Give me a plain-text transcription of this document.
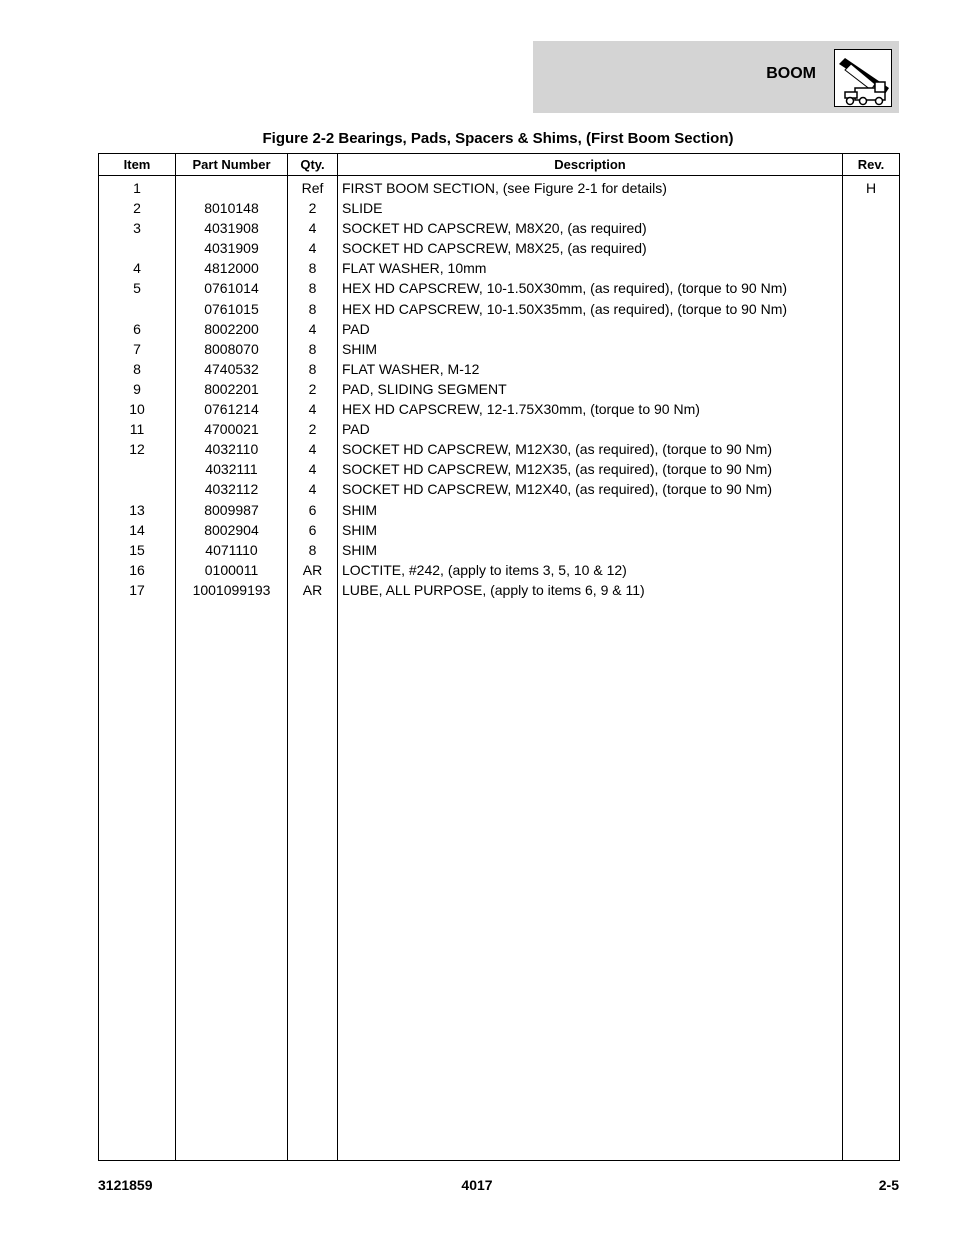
BOOM
Figure 2-2 Bearings, Pads, Spacers & Shims, (First Boom Section)
Item	Part Number	Qty.	Description	Rev.
1		Ref	FIRST BOOM SECTION, (see Figure 2-1 for details)	H
2	8010148	2	SLIDE	
3	4031908	4	SOCKET HD CAPSCREW, M8X20, (as required)	
	4031909	4	SOCKET HD CAPSCREW, M8X25, (as required)	
4	4812000	8	FLAT WASHER, 10mm	
5	0761014	8	HEX HD CAPSCREW, 10-1.50X30mm, (as required), (torque to 90 Nm)	
	0761015	8	HEX HD CAPSCREW, 10-1.50X35mm, (as required), (torque to 90 Nm)	
6	8002200	4	PAD	
7	8008070	8	SHIM	
8	4740532	8	FLAT WASHER, M-12	
9	8002201	2	PAD, SLIDING SEGMENT	
10	0761214	4	HEX HD CAPSCREW, 12-1.75X30mm, (torque to 90 Nm)	
11	4700021	2	PAD	
12	4032110	4	SOCKET HD CAPSCREW, M12X30, (as required), (torque to 90 Nm)	
	4032111	4	SOCKET HD CAPSCREW, M12X35, (as required), (torque to 90 Nm)	
	4032112	4	SOCKET HD CAPSCREW, M12X40, (as required), (torque to 90 Nm)	
13	8009987	6	SHIM	
14	8002904	6	SHIM	
15	4071110	8	SHIM	
16	0100011	AR	LOCTITE, #242, (apply to items 3, 5, 10 & 12)	
17	1001099193	AR	LUBE, ALL PURPOSE, (apply to items 6, 9 & 11)	

3121859	4017	2-5
